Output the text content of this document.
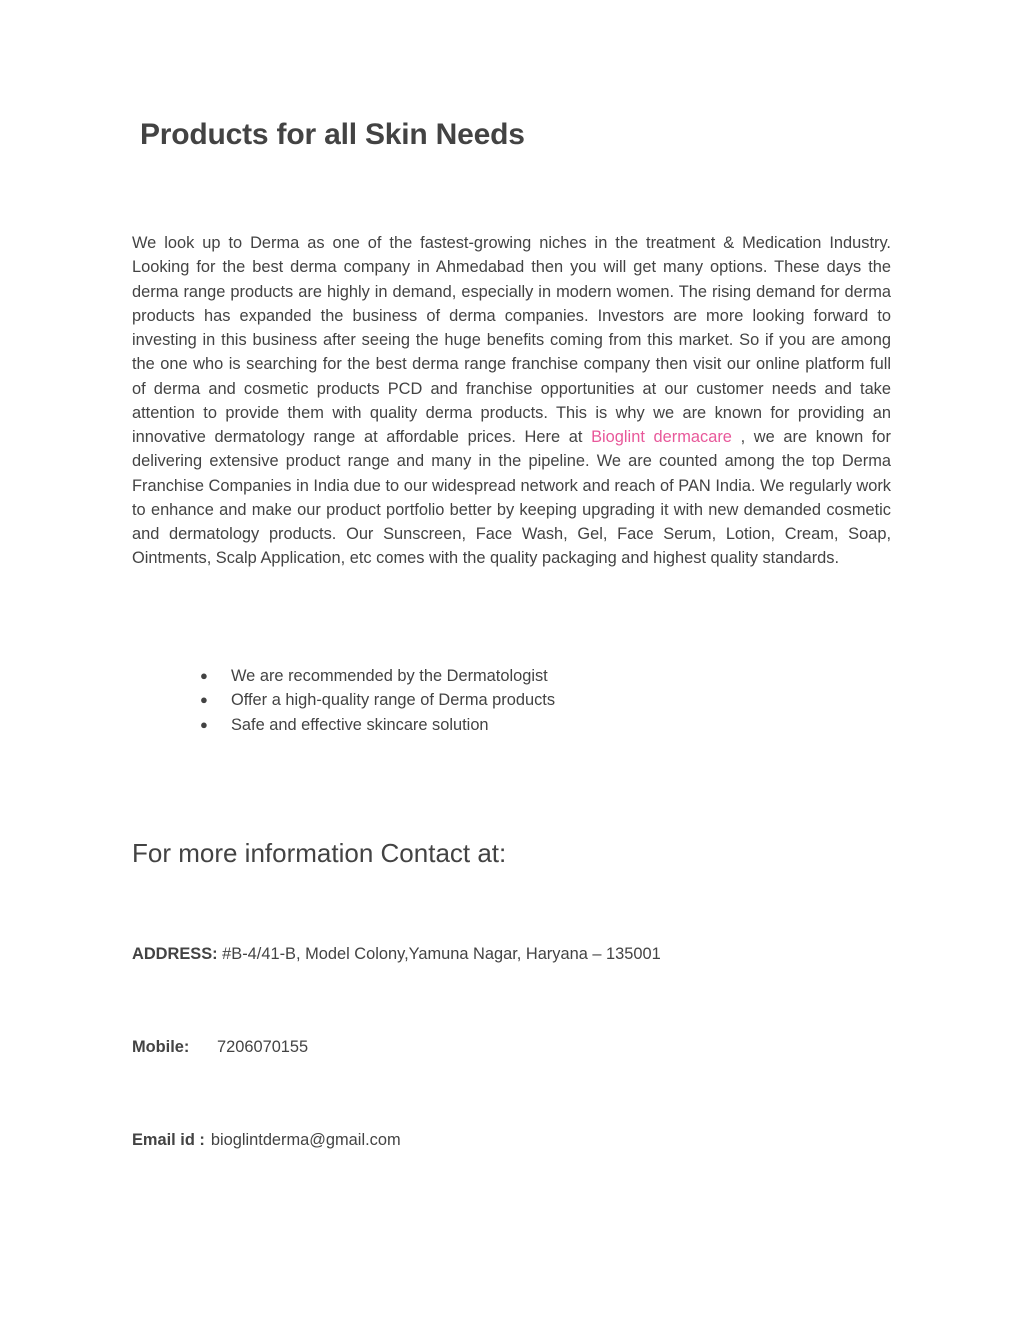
Products for all Skin Needs

We look up to Derma as one of the fastest-growing niches in the treatment & Medication Industry. Looking for the best derma company in Ahmedabad then you will get many options. These days the derma range products are highly in demand, especially in modern women. The rising demand for derma products has expanded the business of derma companies. Investors are more looking forward to investing in this business after seeing the huge benefits coming from this market. So if you are among the one who is searching for the best derma range franchise company then visit our online platform full of derma and cosmetic products PCD and franchise opportunities at our customer needs and take attention to provide them with quality derma products. This is why we are known for providing an innovative dermatology range at affordable prices. Here at Bioglint dermacare , we are known for delivering extensive product range and many in the pipeline. We are counted among the top Derma Franchise Companies in India due to our widespread network and reach of PAN India. We regularly work to enhance and make our product portfolio better by keeping upgrading it with new demanded cosmetic and dermatology products. Our Sunscreen, Face Wash, Gel, Face Serum, Lotion, Cream, Soap, Ointments, Scalp Application, etc comes with the quality packaging and highest quality standards.

● We are recommended by the Dermatologist
● Offer a high-quality range of Derma products
● Safe and effective skincare solution
For more information Contact at:

ADDRESS: #B-4/41-B, Model Colony,Yamuna Nagar, Haryana – 135001

Mobile: 7206070155

Email id : bioglintderma@gmail.com
